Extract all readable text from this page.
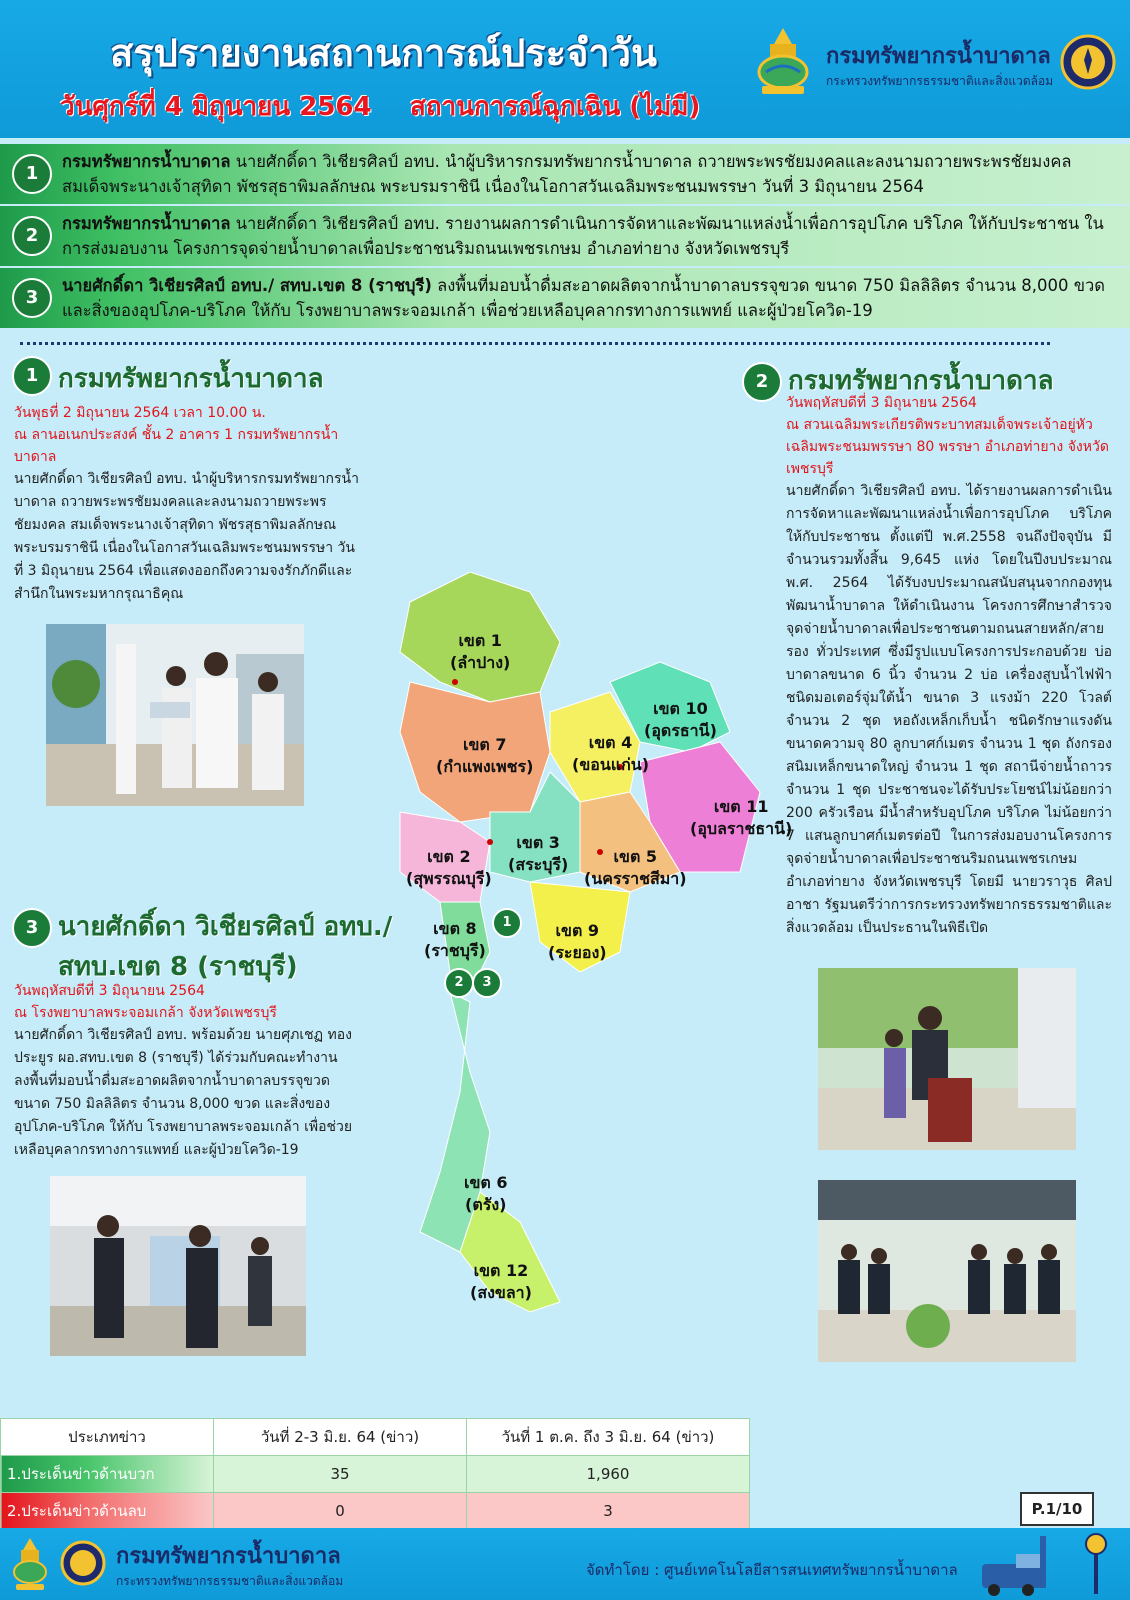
สรุปรายงานสถานการณ์ประจำวัน
วันศุกร์ที่ 4 มิถุนายน 2564 สถานการณ์ฉุกเฉิน (ไม่มี)
กรมทรัพยากรน้ำบาดาล
กระทรวงทรัพยากรธรรมชาติและสิ่งแวดล้อม
1
กรมทรัพยากรน้ำบาดาล นายศักดิ์ดา วิเชียรศิลป์ อทบ. นำผู้บริหารกรมทรัพยากรน้ำบาดาล ถวายพระพรชัยมงคลและลงนามถวายพระพรชัยมงคล สมเด็จพระนางเจ้าสุทิดา พัชรสุธาพิมลลักษณ พระบรมราชินี เนื่องในโอกาสวันเฉลิมพระชนมพรรษา วันที่ 3 มิถุนายน 2564
2
กรมทรัพยากรน้ำบาดาล นายศักดิ์ดา วิเชียรศิลป์ อทบ. รายงานผลการดำเนินการจัดหาและพัฒนาแหล่งน้ำเพื่อการอุปโภค บริโภค ให้กับประชาชน ในการส่งมอบงาน โครงการจุดจ่ายน้ำบาดาลเพื่อประชาชนริมถนนเพชรเกษม อำเภอท่ายาง จังหวัดเพชรบุรี
3
นายศักดิ์ดา วิเชียรศิลป์ อทบ./ สทบ.เขต 8 (ราชบุรี) ลงพื้นที่มอบน้ำดื่มสะอาดผลิตจากน้ำบาดาลบรรจุขวด ขนาด 750 มิลลิลิตร จำนวน 8,000 ขวด และสิ่งของอุปโภค-บริโภค ให้กับ โรงพยาบาลพระจอมเกล้า เพื่อช่วยเหลือบุคลากรทางการแพทย์ และผู้ป่วยโควิด-19
1 กรมทรัพยากรน้ำบาดาล
วันพุธที่ 2 มิถุนายน 2564 เวลา 10.00 น.
ณ ลานอเนกประสงค์ ชั้น 2 อาคาร 1 กรมทรัพยากรน้ำบาดาล
นายศักดิ์ดา วิเชียรศิลป์ อทบ. นำผู้บริหารกรมทรัพยากรน้ำบาดาล ถวายพระพรชัยมงคลและลงนามถวายพระพรชัยมงคล สมเด็จพระนางเจ้าสุทิดา พัชรสุธาพิมลลักษณ พระบรมราชินี เนื่องในโอกาสวันเฉลิมพระชนมพรรษา วันที่ 3 มิถุนายน 2564 เพื่อแสดงออกถึงความจงรักภักดีและสำนึกในพระมหากรุณาธิคุณ
2 กรมทรัพยากรน้ำบาดาล
วันพฤหัสบดีที่ 3 มิถุนายน 2564
ณ สวนเฉลิมพระเกียรติพระบาทสมเด็จพระเจ้าอยู่หัว เฉลิมพระชนมพรรษา 80 พรรษา อำเภอท่ายาง จังหวัดเพชรบุรี
นายศักดิ์ดา วิเชียรศิลป์ อทบ. ได้รายงานผลการดำเนินการจัดหาและพัฒนาแหล่งน้ำเพื่อการอุปโภค บริโภค ให้กับประชาชน ตั้งแต่ปี พ.ศ.2558 จนถึงปัจจุบัน มีจำนวนรวมทั้งสิ้น 9,645 แห่ง โดยในปีงบประมาณ พ.ศ. 2564 ได้รับงบประมาณสนับสนุนจากกองทุนพัฒนาน้ำบาดาล ให้ดำเนินงาน โครงการศึกษาสำรวจจุดจ่ายน้ำบาดาลเพื่อประชาชนตามถนนสายหลัก/สายรอง ทั่วประเทศ ซึ่งมีรูปแบบโครงการประกอบด้วย บ่อบาดาลขนาด 6 นิ้ว จำนวน 2 บ่อ เครื่องสูบน้ำไฟฟ้าชนิดมอเตอร์จุ่มใต้น้ำ ขนาด 3 แรงม้า 220 โวลต์ จำนวน 2 ชุด หอถังเหล็กเก็บน้ำ ชนิดรักษาแรงดัน ขนาดความจุ 80 ลูกบาศก์เมตร จำนวน 1 ชุด ถังกรองสนิมเหล็กขนาดใหญ่ จำนวน 1 ชุด สถานีจ่ายน้ำถาวร จำนวน 1 ชุด ประชาชนจะได้รับประโยชน์ไม่น้อยกว่า 200 ครัวเรือน มีน้ำสำหรับอุปโภค บริโภค ไม่น้อยกว่า 7 แสนลูกบาศก์เมตรต่อปี ในการส่งมอบงานโครงการจุดจ่ายน้ำบาดาลเพื่อประชาชนริมถนนเพชรเกษม อำเภอท่ายาง จังหวัดเพชรบุรี โดยมี นายวราวุธ ศิลปอาชา รัฐมนตรีว่าการกระทรวงทรัพยากรธรรมชาติและสิ่งแวดล้อม เป็นประธานในพิธีเปิด
3 นายศักดิ์ดา วิเชียรศิลป์ อทบ./
สทบ.เขต 8 (ราชบุรี)
วันพฤหัสบดีที่ 3 มิถุนายน 2564
ณ โรงพยาบาลพระจอมเกล้า จังหวัดเพชรบุรี
นายศักดิ์ดา วิเชียรศิลป์ อทบ. พร้อมด้วย นายศุภเชฏ ทองประยูร ผอ.สทบ.เขต 8 (ราชบุรี) ได้ร่วมกับคณะทำงาน ลงพื้นที่มอบน้ำดื่มสะอาดผลิตจากน้ำบาดาลบรรจุขวด ขนาด 750 มิลลิลิตร จำนวน 8,000 ขวด และสิ่งของอุปโภค-บริโภค ให้กับ โรงพยาบาลพระจอมเกล้า เพื่อช่วยเหลือบุคลากรทางการแพทย์ และผู้ป่วยโควิด-19
เขต 1
(ลำปาง)
เขต 10
(อุดรธานี)
เขต 4
(ขอนแก่น)
เขต 7
(กำแพงเพชร)
เขต 11
(อุบลราชธานี)
เขต 2
(สุพรรณบุรี)
เขต 3
(สระบุรี)	เขต 5
(นครราชสีมา)
เขต 8
(ราชบุรี)
เขต 9
(ระยอง)
เขต 6
(ตรัง)
เขต 12
(สงขลา)
1
2	3
ประเภทข่าว	วันที่ 2-3 มิ.ย. 64 (ข่าว)	วันที่ 1 ต.ค. ถึง 3 มิ.ย. 64 (ข่าว)
1.ประเด็นข่าวด้านบวก	35	1,960
2.ประเด็นข่าวด้านลบ	0	3	P.1/10
กรมทรัพยากรน้ำบาดาล
กระทรวงทรัพยากรธรรมชาติและสิ่งแวดล้อม
จัดทำโดย : ศูนย์เทคโนโลยีสารสนเทศทรัพยากรน้ำบาดาล
